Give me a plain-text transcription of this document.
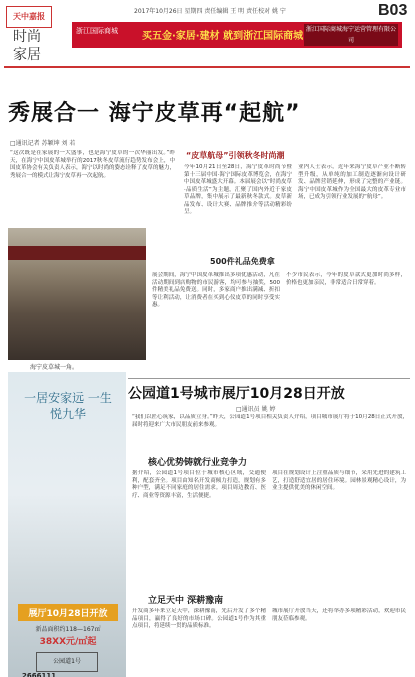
天中嘉报
时尚
家居
2017年10月26日 星期四 责任编辑 王 明 责任校对 姚 宁	B03
浙江国际商城 买五金·家居·建材 就到浙江国际商城
浙江国际商城海宁运营管理有限公司
秀展合一 海宁皮草再“起航”
□通讯记者 苏颖坤 刘 若
“这次既是在家展的一大盛事，也是海宁皮草的一次华丽出发。”昨天，在海宁中国皮革城举行的2017秋冬皮草流行趋势发布会上，中国皮革协会有关负责人表示，海宁以时尚的姿态诠释了皮草的魅力，秀展合一的模式让海宁皮草再一次起航。
海宁皮草城一角。
“皮草航母”引领秋冬时尚潮
今年10月21日至28日，海宁皮革时尚节暨第十三届中国·海宁国际皮革博览会，在海宁中国皮革城盛大开幕。本届展会以“时尚皮草·品质生活”为主题，汇聚了国内外近千家皮草品牌，集中展示了最新秋冬款式。皮草新品发布、设计大赛、品牌推介等活动精彩纷呈。
业内人士表示，近年来海宁皮草产业不断转型升级，从单纯的加工制造逐渐向设计研发、品牌营销延伸，形成了完整的产业链。海宁中国皮革城作为全国最大的皮革专业市场，已成为引领行业发展的“航母”。
500件礼品免费拿
展会期间，海宁中国皮革城推出多项优惠活动，凡在活动期间到店购物的市民游客，均可参与抽奖，500件精美礼品免费送。同时，多家商户推出满减、折扣等让利活动，让消费者在买到心仪皮草的同时享受实惠。
不少市民表示，今年的皮草款式更加时尚多样，价格也更加亲民，非常适合日常穿着。
一居安家远 一生悦九华
展厅10月28日开放
新品面积约118—167㎡
38XX元/㎡起
公园道1号
2666111
公园道1号城市展厅10月28日开放
□通讯员 姚 婷
“我们以匠心筑家，以品质立身。”昨天，公园道1号项目相关负责人介绍，项目城市展厅将于10月28日正式开放，届时将迎来广大市民朋友前来参观。
核心优势铸就行业竞争力
据介绍，公园道1号项目位于城市核心区域，交通便利，配套齐全。项目由知名开发商倾力打造，规划有多种户型，满足不同家庭的居住需求。项目周边教育、医疗、商业等资源丰富，生活便捷。
项目在规划设计上注重品质与细节，采用先进的建筑工艺，打造舒适宜居的居住环境。园林景观精心设计，为业主提供优美的休闲空间。
立足天中 深耕豫南
开发商多年来立足天中，深耕豫南，先后开发了多个精品项目，赢得了良好的市场口碑。公园道1号作为其重点项目，将延续一贯的品质标准。
城市展厅开放当天，还将举办多项精彩活动，欢迎市民朋友莅临参观。
